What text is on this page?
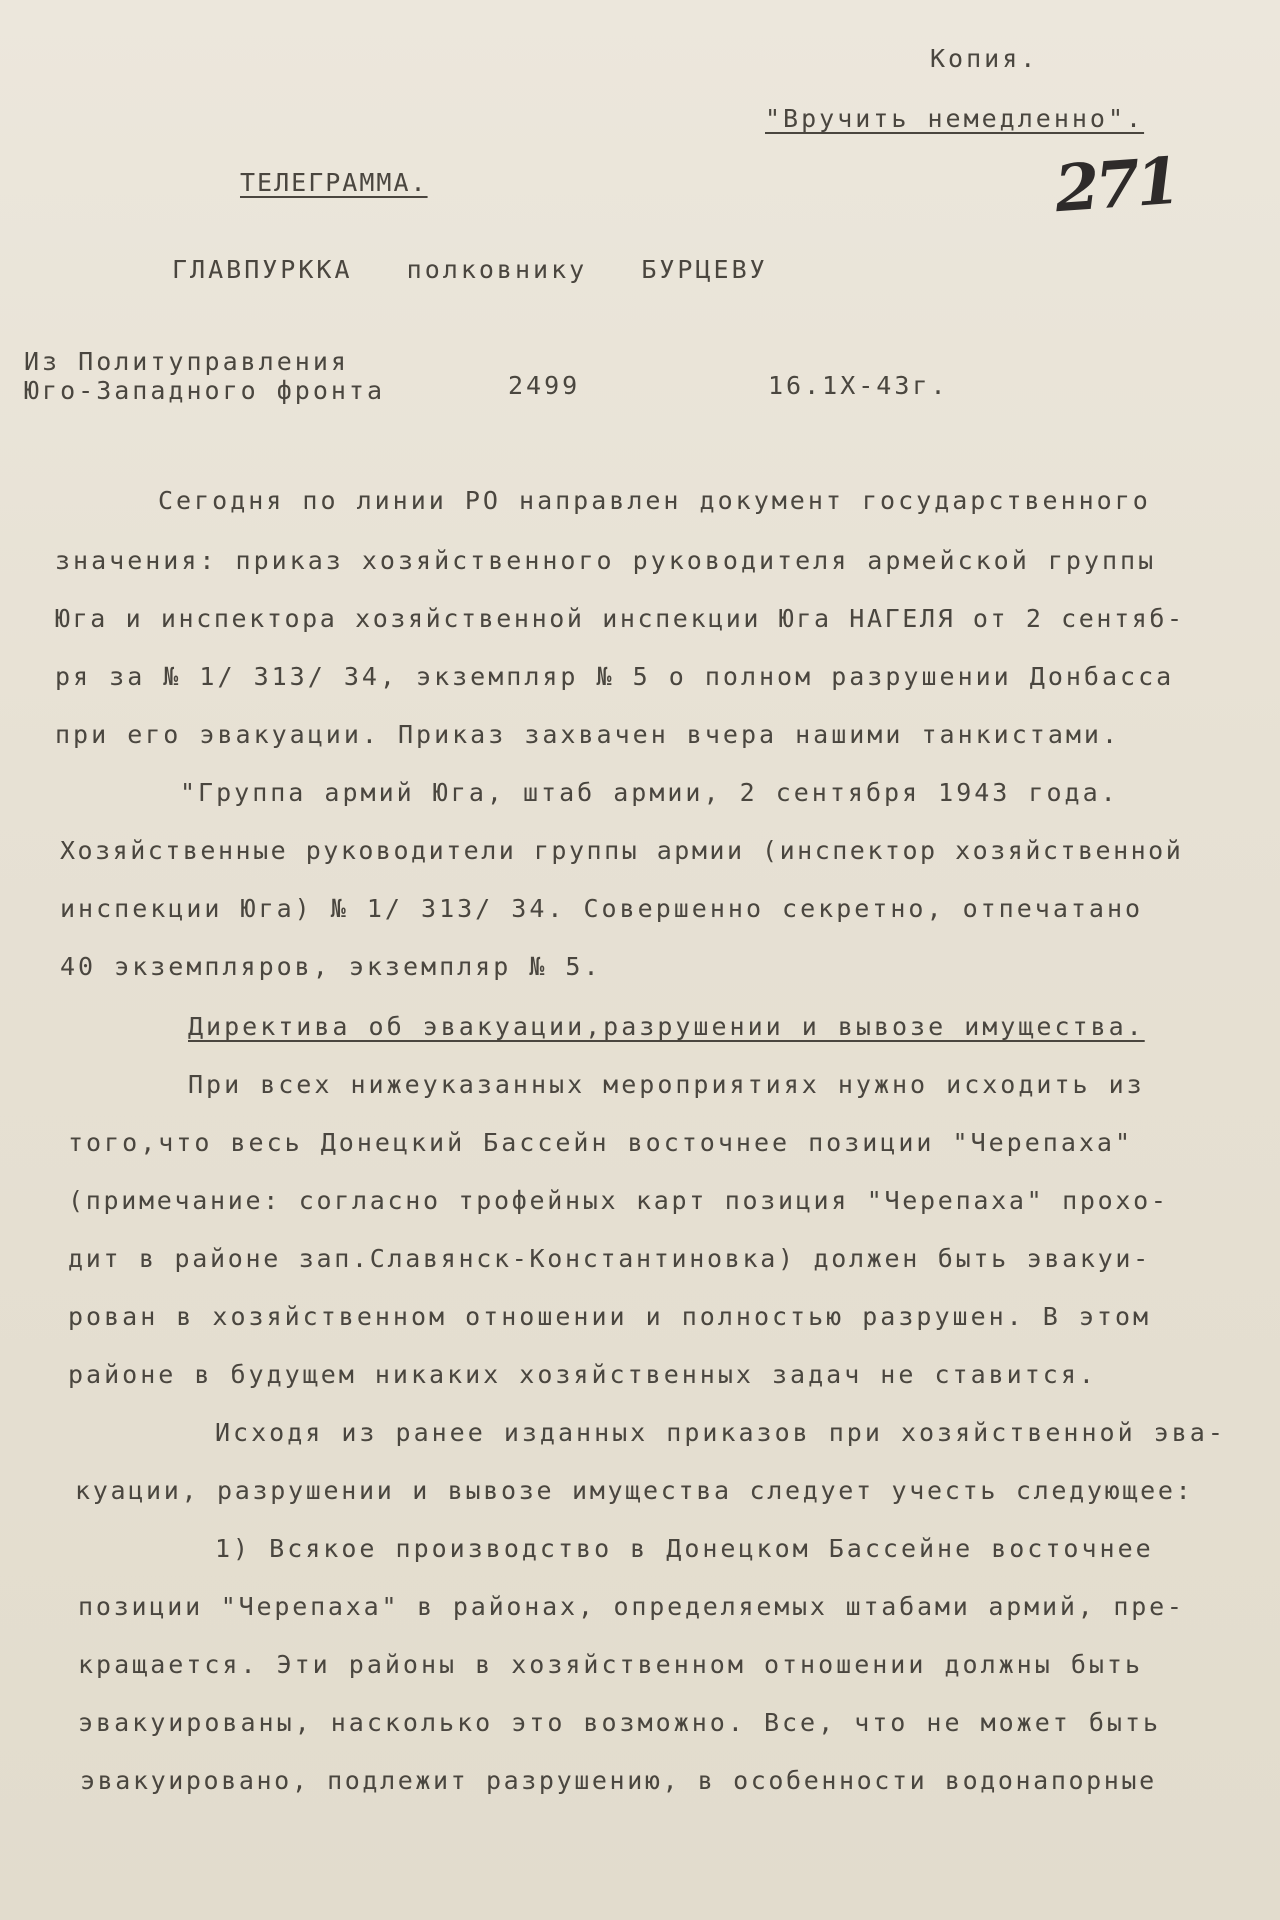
Копия.
"Вручить немедленно".
ТЕЛЕГРАММА.	271
ГЛАВПУРККА   полковнику   БУРЦЕВУ
Из Политуправления
Юго-Западного фронта	2499	16.1Х-43г.
Сегодня по линии РО направлен документ государственного
значения: приказ хозяйственного руководителя армейской группы
Юга и инспектора хозяйственной инспекции Юга НАГЕЛЯ от 2 сентяб-
ря за № 1/ 313/ 34, экземпляр № 5 о полном разрушении Донбасса
при его эвакуации. Приказ захвачен вчера нашими танкистами.
"Группа армий Юга, штаб армии, 2 сентября 1943 года.
Хозяйственные руководители группы армии (инспектор хозяйственной
инспекции Юга) № 1/ 313/ 34. Совершенно секретно, отпечатано
40 экземпляров, экземпляр № 5.
Директива об эвакуации,разрушении и вывозе имущества.
При всех нижеуказанных мероприятиях нужно исходить из
того,что весь Донецкий Бассейн восточнее позиции "Черепаха"
(примечание: согласно трофейных карт позиция "Черепаха" прохо-
дит в районе зап.Славянск-Константиновка) должен быть эвакуи-
рован в хозяйственном отношении и полностью разрушен. В этом
районе в будущем никаких хозяйственных задач не ставится.
Исходя из ранее изданных приказов при хозяйственной эва-
куации, разрушении и вывозе имущества следует учесть следующее:
1) Всякое производство в Донецком Бассейне восточнее
позиции "Черепаха" в районах, определяемых штабами армий, пре-
кращается. Эти районы в хозяйственном отношении должны быть
эвакуированы, насколько это возможно. Все, что не может быть
эвакуировано, подлежит разрушению, в особенности водонапорные
